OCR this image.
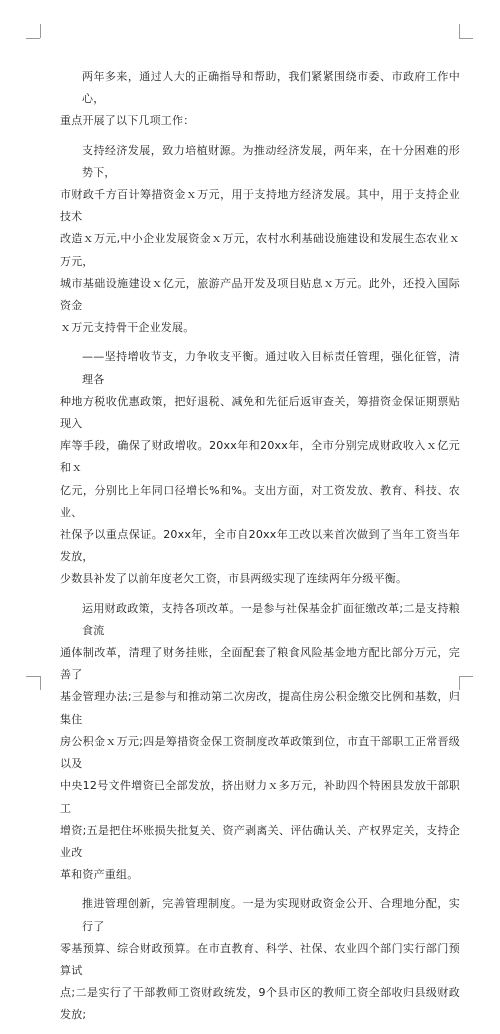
两年多来，通过人大的正确指导和帮助，我们紧紧围绕市委、市政府工作中心，
重点开展了以下几项工作：

支持经济发展，致力培植财源。为推动经济发展，两年来，在十分困难的形势下，
市财政千方百计筹措资金ｘ万元，用于支持地方经济发展。其中，用于支持企业技术
改造ｘ万元,中小企业发展资金ｘ万元，农村水利基础设施建设和发展生态农业ｘ万元，
城市基础设施建设ｘ亿元，旅游产品开发及项目贴息ｘ万元。此外，还投入国际资金
ｘ万元支持骨干企业发展。

——坚持增收节支，力争收支平衡。通过收入目标责任管理，强化征管，清理各
种地方税收优惠政策，把好退税、减免和先征后返审查关，筹措资金保证期票贴现入
库等手段，确保了财政增收。20xx年和20xx年，全市分别完成财政收入ｘ亿元和ｘ
亿元，分别比上年同口径增长%和%。支出方面，对工资发放、教育、科技、农业、
社保予以重点保证。20xx年，全市自20xx年工改以来首次做到了当年工资当年发放，
少数县补发了以前年度老欠工资，市县两级实现了连续两年分级平衡。

运用财政政策，支持各项改革。一是参与社保基金扩面征缴改革;二是支持粮食流
通体制改革，清理了财务挂账，全面配套了粮食风险基金地方配比部分万元，完善了
基金管理办法;三是参与和推动第二次房改，提高住房公积金缴交比例和基数，归集住
房公积金ｘ万元;四是筹措资金保工资制度改革政策到位，市直干部职工正常晋级以及
中央12号文件增资已全部发放，挤出财力ｘ多万元，补助四个特困县发放干部职工
增资;五是把住坏账损失批复关、资产剥离关、评估确认关、产权界定关，支持企业改
革和资产重组。

推进管理创新，完善管理制度。一是为实现财政资金公开、合理地分配，实行了
零基预算、综合财政预算。在市直教育、科学、社保、农业四个部门实行部门预算试
点;二是实行了干部教师工资财政统发，9个县市区的教师工资全部收归县级财政发放;
